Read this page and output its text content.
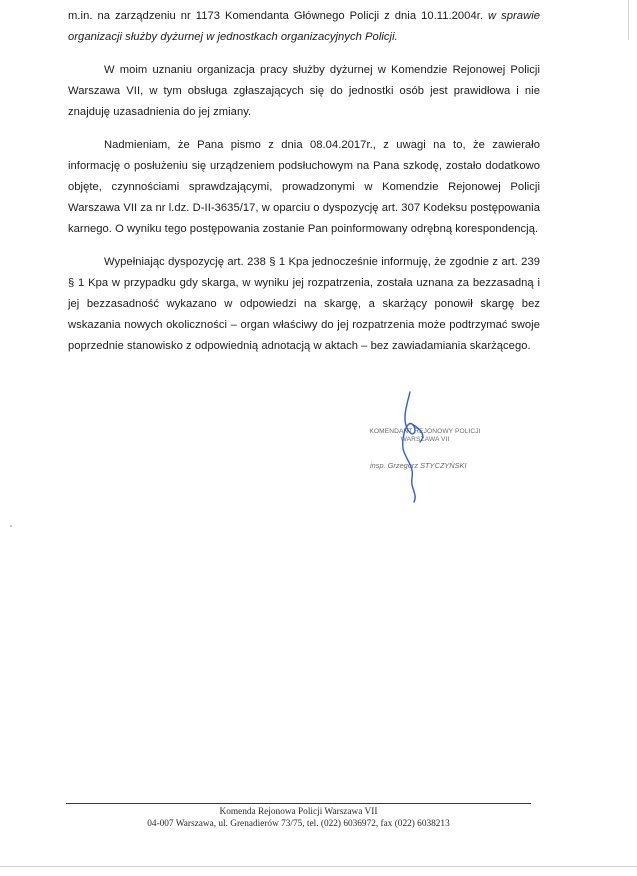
m.in. na zarządzeniu nr 1173 Komendanta Głównego Policji z dnia 10.11.2004r. w sprawie organizacji służby dyżurnej w jednostkach organizacyjnych Policji.

W moim uznaniu organizacja pracy służby dyżurnej w Komendzie Rejonowej Policji Warszawa VII, w tym obsługa zgłaszających się do jednostki osób jest prawidłowa i nie znajduję uzasadnienia do jej zmiany.

Nadmieniam, że Pana pismo z dnia 08.04.2017r., z uwagi na to, że zawierało informację o posłużeniu się urządzeniem podsłuchowym na Pana szkodę, zostało dodatkowo objęte, czynnościami sprawdzającymi, prowadzonymi w Komendzie Rejonowej Policji Warszawa VII za nr l.dz. D-II-3635/17, w oparciu o dyspozycję art. 307 Kodeksu postępowania karnego. O wyniku tego postępowania zostanie Pan poinformowany odrębną korespondencją.

Wypełniając dyspozycję art. 238 § 1 Kpa jednocześnie informuję, że zgodnie z art. 239 § 1 Kpa w przypadku gdy skarga, w wyniku jej rozpatrzenia, została uznana za bezzasadną i jej bezzasadność wykazano w odpowiedzi na skargę, a skarżący ponowił skargę bez wskazania nowych okoliczności – organ właściwy do jej rozpatrzenia może podtrzymać swoje poprzednie stanowisko z odpowiednią adnotacją w aktach – bez zawiadamiania skarżącego.

KOMENDANT REJONOWY POLICJI
WARSZAWA VII
insp. Grzegorz STYCZYŃSKI
Komenda Rejonowa Policji Warszawa VII
04-007 Warszawa, ul. Grenadierów 73/75, tel. (022) 6036972, fax (022) 6038213
